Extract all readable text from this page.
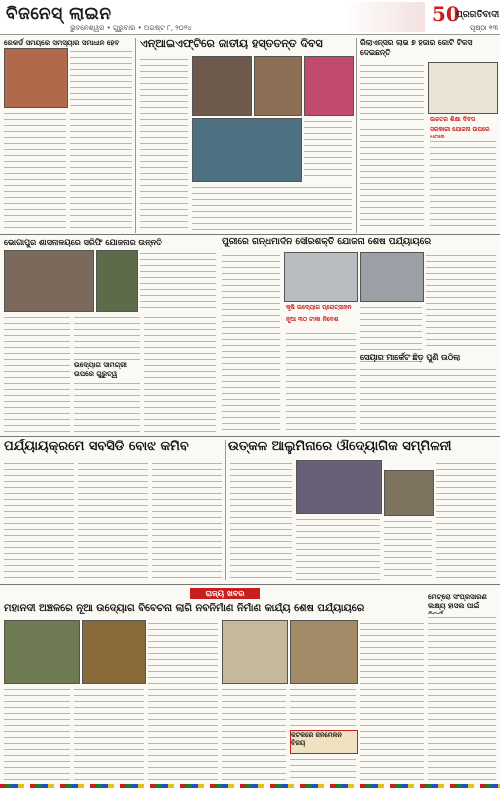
ବିଜନେସ୍ ଲାଇନ
ଭୁବନେଶ୍ୱର • ଗୁରୁବାର • ଅଗଷ୍ଟ ୮, ୨୦୨୪
50
ପ୍ରଗତିବାଦୀ
ପୃଷ୍ଠା ୧୩
ରେକର୍ଡ ସମୟରେ ସମସ୍ୟାର ସମାଧାନ ହେବ	ଏନ୍ଆଇଏଫ୍‌ଟିରେ ଜାତୀୟ ହସ୍ତତନ୍ତ ଦିବସ	ରିଲାଏନ୍ସର ଲାଭ ୭ ହଜାର କୋଟି ଟିକସ ଦେଇଛନ୍ତି
ଉଚ୍ଚତର ଶିକ୍ଷା ଦିବସ
ସରକାରୀ ଯୋଜନା ଉପରେ
ଭୋଗାପୁର ଶାସନାଳୟରେ ସରିଫି ଯୋଜନାର ଉନ୍ନତି
ଉଦ୍ୟୋଗ ସାମଗ୍ରୀ ଉପରେ ଗୁରୁତ୍ୱ
ପୁରୀରେ ଗନ୍ଧମାର୍ଦନ ସୌରଶକ୍ତି ଯୋଜନା ଶେଷ ପର୍ଯ୍ୟାୟରେ
କୃଷି ଉଦ୍ୟୋଗ ପ୍ରୋତ୍ସାହନ
ନୂଆ ୩୦ ଟାକା ନିବେଶ
ସେୟାର ମାର୍କେଟ ଛିଡ଼ ପୁଣି ଉଠିଲା
ପର୍ଯ୍ୟାୟକ୍ରମେ ସବସିଡି ବୋଝ କମିବ	ଉତ୍କଳ ଆଲୁମିନାରେ ଔଦ୍ୟୋଗିକ ସମ୍ମିଳନୀ
ରାଜ୍ୟ ଖବର
ମହାନଦୀ ଅଞ୍ଚଳରେ ନୂଆ ଉଦ୍ୟୋଗ ବିବେଚନା ଲାଗି ନବନିର୍ମାଣ ନିର୍ମାଣ କାର୍ଯ୍ୟ ଶେଷ ପର୍ଯ୍ୟାୟରେ
ମେଟ୍ରୋ ସଂପ୍ରସାରଣ ଲକ୍ଷ୍ୟ ହାସଲ ପାଇଁ
କଟକରେ ଜନମେଳନ ବିଜୟ
